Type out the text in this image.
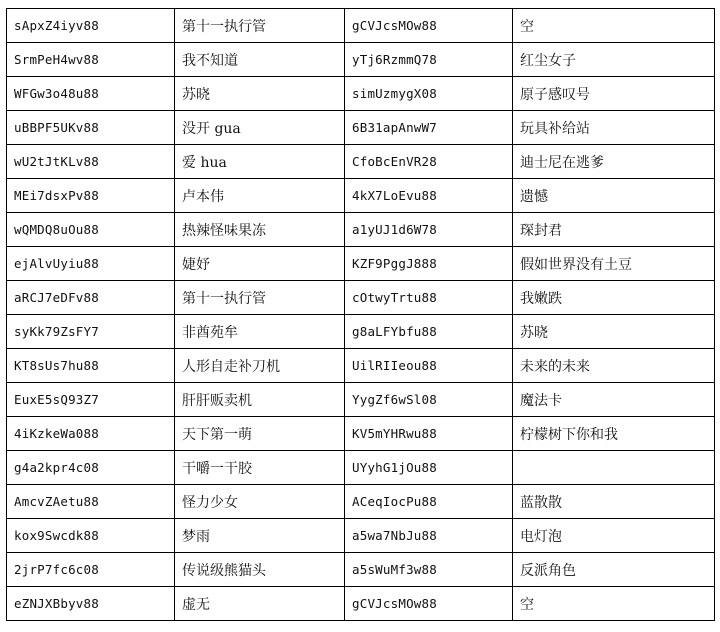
sApxZ4iyv88	第十一执行管	gCVJcsMOw88	空
SrmPeH4wv88	我不知道	yTj6RzmmQ78	红尘女子
WFGw3o48u88	苏晓	simUzmygX08	原子感叹号
uBBPF5UKv88	没开 gua	6B31apAnwW7	玩具补给站
wU2tJtKLv88	爱 hua	CfoBcEnVR28	迪士尼在逃爹
MEi7dsxPv88	卢本伟	4kX7LoEvu88	遗憾
wQMDQ8uOu88	热辣怪味果冻	a1yUJ1d6W78	琛封君
ejAlvUyiu88	婕妤	KZF9PggJ888	假如世界没有土豆
aRCJ7eDFv88	第十一执行管	cOtwyTrtu88	我嫩跌
syKk79ZsFY7	非酋苑牟	g8aLFYbfu88	苏晓
KT8sUs7hu88	人形自走补刀机	UilRIIeou88	未来的未来
EuxE5sQ93Z7	肝肝贩卖机	YygZf6wSl08	魔法卡
4iKzkeWa088	天下第一萌	KV5mYHRwu88	柠檬树下你和我
g4a2kpr4c08	干嚼一干胶	UYyhG1jOu88	
AmcvZAetu88	怪力少女	ACeqIocPu88	蓝散散
kox9Swcdk88	梦雨	a5wa7NbJu88	电灯泡
2jrP7fc6c08	传说级熊猫头	a5sWuMf3w88	反派角色
eZNJXBbyv88	虚无	gCVJcsMOw88	空
